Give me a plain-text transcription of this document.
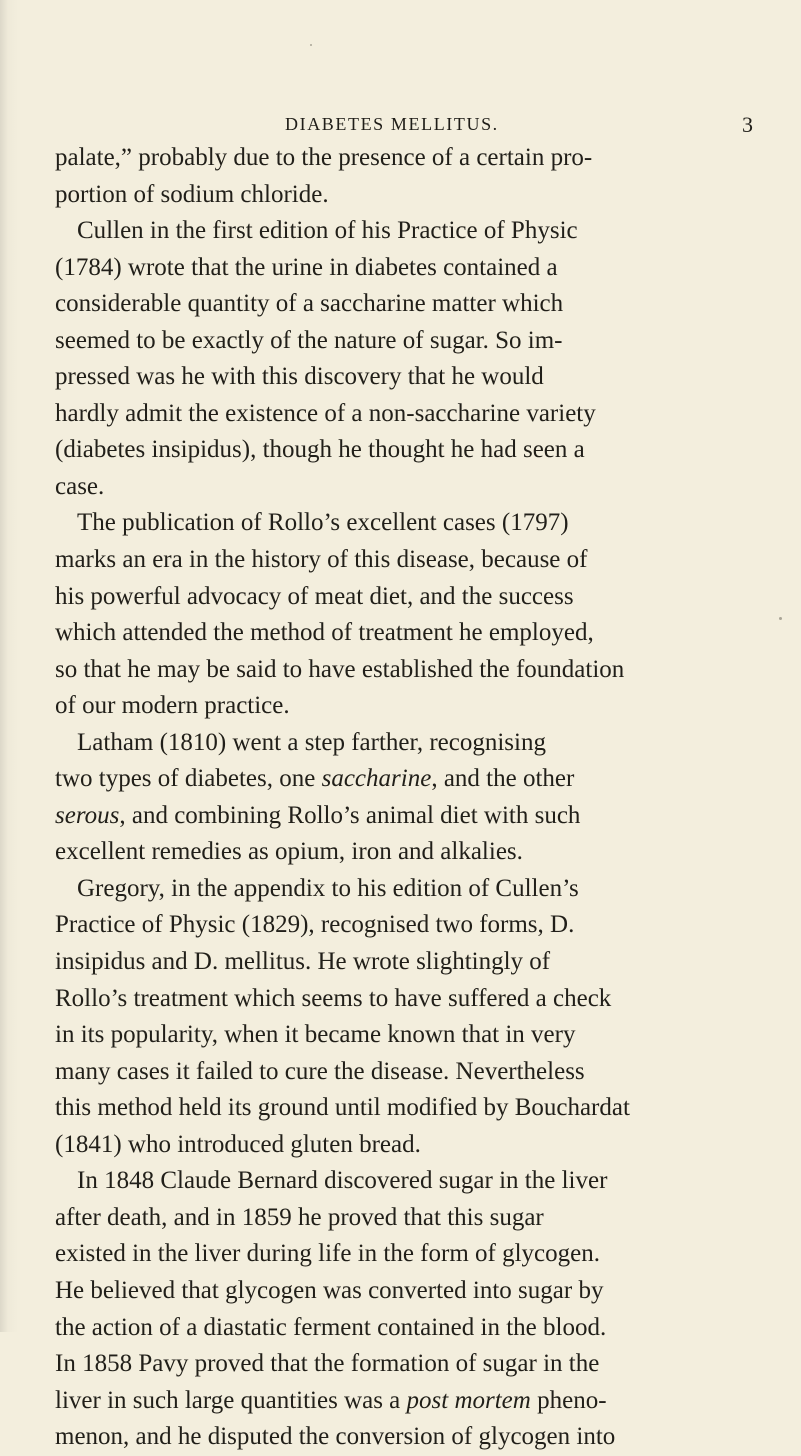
DIABETES MELLITUS.	3
palate,” probably due to the presence of a certain pro-
portion of sodium chloride.
Cullen in the first edition of his Practice of Physic
(1784) wrote that the urine in diabetes contained a
considerable quantity of a saccharine matter which
seemed to be exactly of the nature of sugar. So im-
pressed was he with this discovery that he would
hardly admit the existence of a non-saccharine variety
(diabetes insipidus), though he thought he had seen a
case.
The publication of Rollo’s excellent cases (1797)
marks an era in the history of this disease, because of
his powerful advocacy of meat diet, and the success
which attended the method of treatment he employed,
so that he may be said to have established the foundation
of our modern practice.
Latham (1810) went a step farther, recognising
two types of diabetes, one saccharine, and the other
serous, and combining Rollo’s animal diet with such
excellent remedies as opium, iron and alkalies.
Gregory, in the appendix to his edition of Cullen’s
Practice of Physic (1829), recognised two forms, D.
insipidus and D. mellitus. He wrote slightingly of
Rollo’s treatment which seems to have suffered a check
in its popularity, when it became known that in very
many cases it failed to cure the disease. Nevertheless
this method held its ground until modified by Bouchardat
(1841) who introduced gluten bread.
In 1848 Claude Bernard discovered sugar in the liver
after death, and in 1859 he proved that this sugar
existed in the liver during life in the form of glycogen.
He believed that glycogen was converted into sugar by
the action of a diastatic ferment contained in the blood.
In 1858 Pavy proved that the formation of sugar in the
liver in such large quantities was a post mortem pheno-
menon, and he disputed the conversion of glycogen into
